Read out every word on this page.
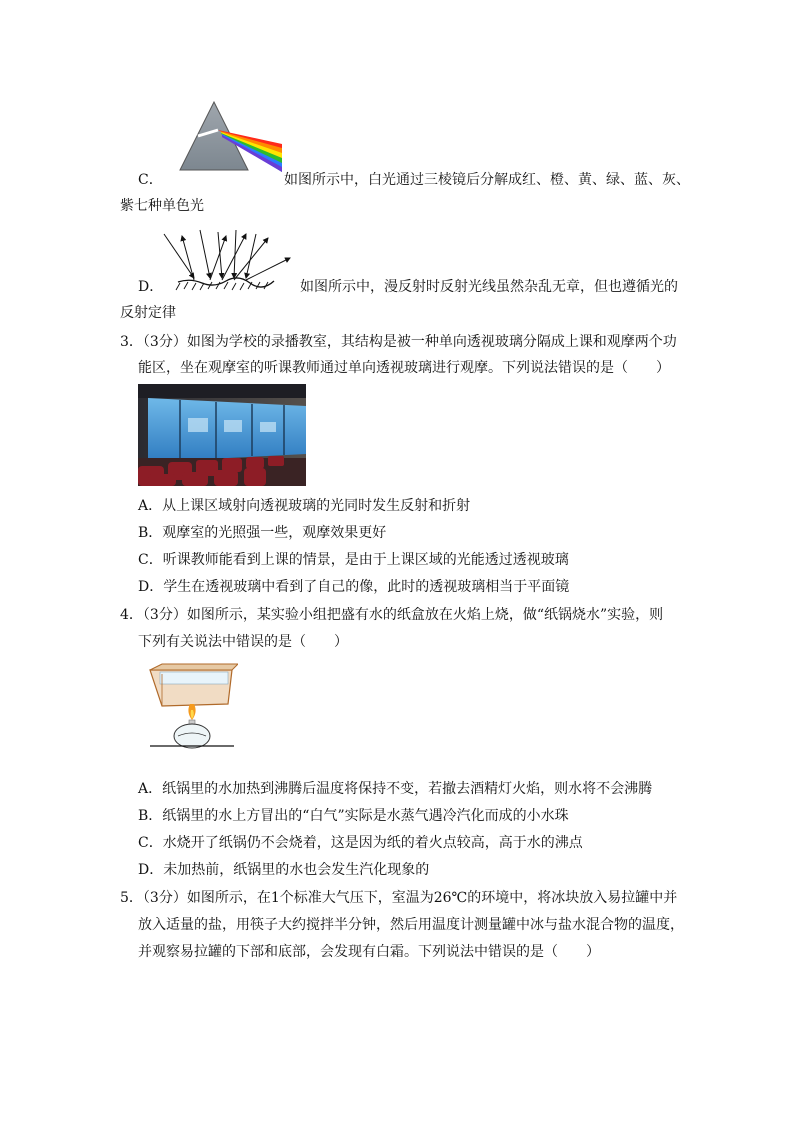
C．	如图所示中，白光通过三棱镜后分解成红、橙、黄、绿、蓝、灰、
紫七种单色光
D．	如图所示中，漫反射时反射光线虽然杂乱无章，但也遵循光的
反射定律
3．（3分）如图为学校的录播教室，其结构是被一种单向透视玻璃分隔成上课和观摩两个功
能区，坐在观摩室的听课教师通过单向透视玻璃进行观摩。下列说法错误的是（　　）
A．从上课区域射向透视玻璃的光同时发生反射和折射
B．观摩室的光照强一些，观摩效果更好
C．听课教师能看到上课的情景，是由于上课区域的光能透过透视玻璃
D．学生在透视玻璃中看到了自己的像，此时的透视玻璃相当于平面镜
4．（3分）如图所示，某实验小组把盛有水的纸盒放在火焰上烧，做“纸锅烧水”实验，则
下列有关说法中错误的是（　　）
A．纸锅里的水加热到沸腾后温度将保持不变，若撤去酒精灯火焰，则水将不会沸腾
B．纸锅里的水上方冒出的“白气”实际是水蒸气遇冷汽化而成的小水珠
C．水烧开了纸锅仍不会烧着，这是因为纸的着火点较高，高于水的沸点
D．未加热前，纸锅里的水也会发生汽化现象的
5．（3分）如图所示，在1个标准大气压下，室温为26℃的环境中，将冰块放入易拉罐中并
放入适量的盐，用筷子大约搅拌半分钟，然后用温度计测量罐中冰与盐水混合物的温度，
并观察易拉罐的下部和底部，会发现有白霜。下列说法中错误的是（　　）
